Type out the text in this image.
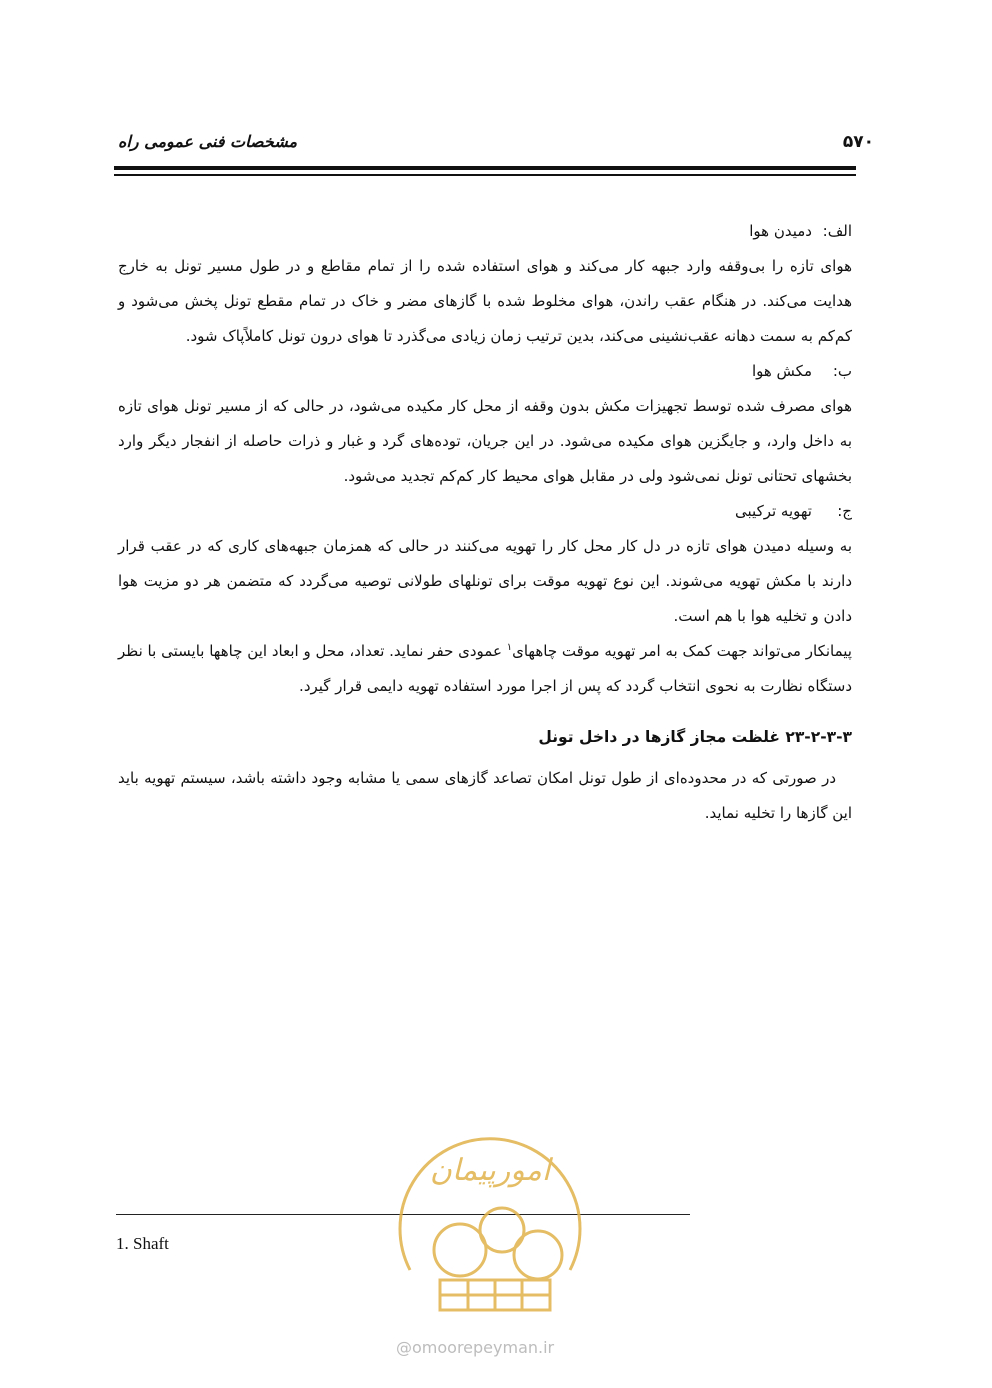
مشخصات فنی عمومی راه	۵۷۰
الف:
دمیدن هوا

هوای تازه را بی‌وقفه وارد جبهه کار می‌کند و هوای استفاده شده را از تمام مقاطع و در طول مسیر تونل به خارج هدایت می‌کند. در هنگام عقب راندن، هوای مخلوط شده با گازهای مضر و خاک در تمام مقطع تونل پخش می‌شود و کم‌کم به سمت دهانه عقب‌نشینی می‌کند، بدین ترتیب زمان زیادی می‌گذرد تا هوای درون تونل کاملاًپاک شود.

ب:
مکش هوا

هوای مصرف شده توسط تجهیزات مکش بدون وقفه از محل کار مکیده می‌شود، در حالی که از مسیر تونل هوای تازه به داخل وارد، و جایگزین هوای مکیده می‌شود. در این جریان، توده‌های گرد و غبار و ذرات حاصله از انفجار دیگر وارد بخشهای تحتانی تونل نمی‌شود ولی در مقابل هوای محیط کار کم‌کم تجدید می‌شود.

ج:
تهویه ترکیبی

به وسیله دمیدن هوای تازه در دل کار محل کار را تهویه می‌کنند در حالی که همزمان جبهه‌های کاری که در عقب قرار دارند با مکش تهویه می‌شوند. این نوع تهویه موقت برای تونلهای طولانی توصیه می‌گردد که متضمن هر دو مزیت هوا دادن و تخلیه هوا با هم است.

پیمانکار می‌تواند جهت کمک به امر تهویه موقت چاههای$^۱$ عمودی حفر نماید. تعداد، محل و ابعاد این چاهها بایستی با نظر دستگاه نظارت به نحوی انتخاب گردد که پس از اجرا مورد استفاده تهویه دایمی قرار گیرد.

۲۳-۲-۳-۳ غلظت مجاز گازها در داخل تونل

در صورتی که در محدوده‌ای از طول تونل امکان تصاعد گازهای سمی یا مشابه وجود داشته باشد، سیستم تهویه باید این گازها را تخلیه نماید.

1. Shaft
امورپیمان
@omoorepeyman.ir
